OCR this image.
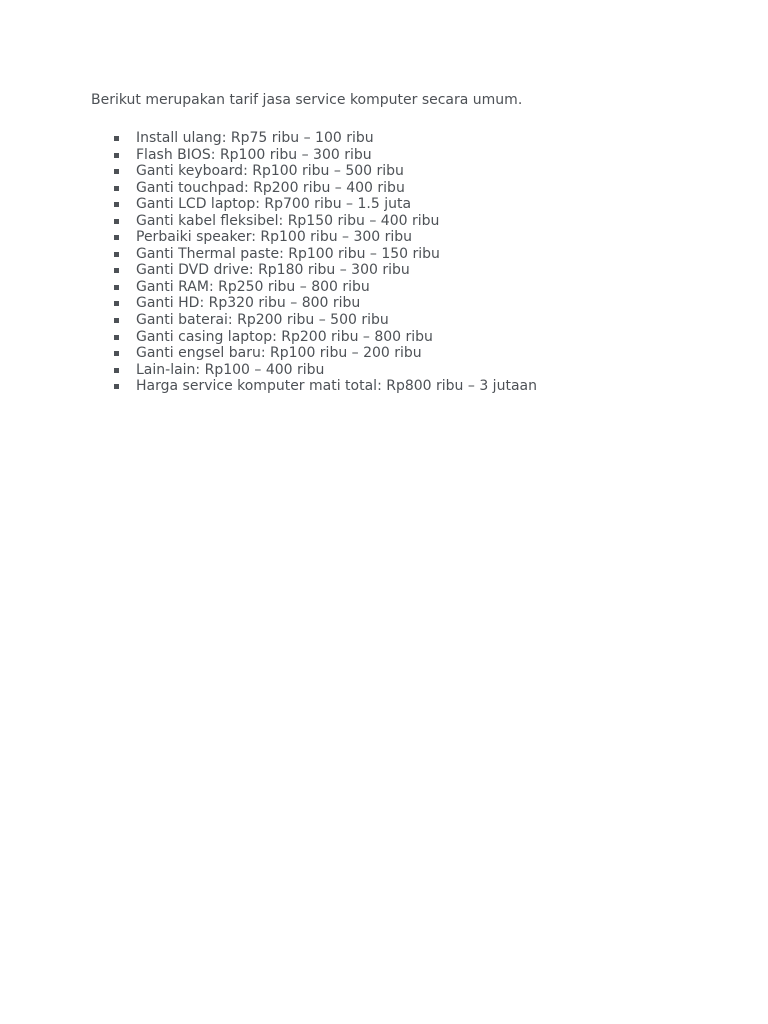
Berikut merupakan tarif jasa service komputer secara umum.

Install ulang: Rp75 ribu – 100 ribu
Flash BIOS: Rp100 ribu – 300 ribu
Ganti keyboard: Rp100 ribu – 500 ribu
Ganti touchpad: Rp200 ribu – 400 ribu
Ganti LCD laptop: Rp700 ribu – 1.5 juta
Ganti kabel fleksibel: Rp150 ribu – 400 ribu
Perbaiki speaker: Rp100 ribu – 300 ribu
Ganti Thermal paste: Rp100 ribu – 150 ribu
Ganti DVD drive: Rp180 ribu – 300 ribu
Ganti RAM: Rp250 ribu – 800 ribu
Ganti HD: Rp320 ribu – 800 ribu
Ganti baterai: Rp200 ribu – 500 ribu
Ganti casing laptop: Rp200 ribu – 800 ribu
Ganti engsel baru: Rp100 ribu – 200 ribu
Lain-lain: Rp100 – 400 ribu
Harga service komputer mati total: Rp800 ribu – 3 jutaan
